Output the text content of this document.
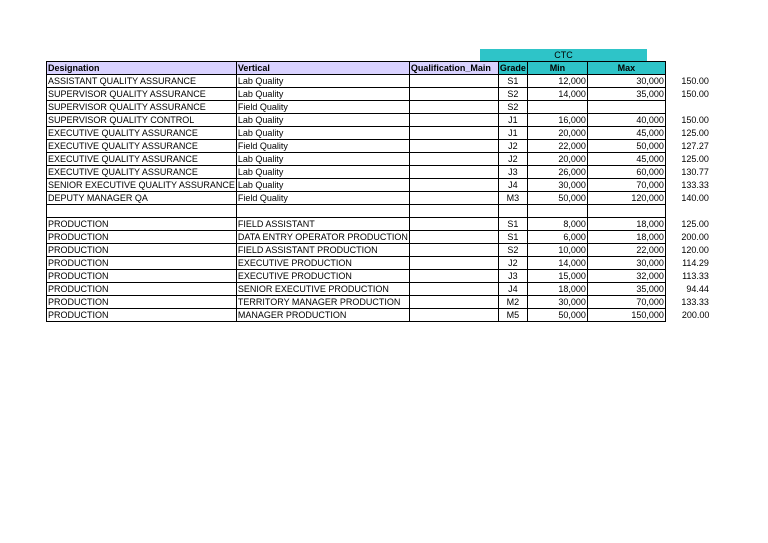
CTC
Designation	Vertical	Qualification_Main	Grade	Min	Max	
ASSISTANT QUALITY ASSURANCE	Lab Quality		S1	12,000	30,000	150.00
SUPERVISOR QUALITY ASSURANCE	Lab Quality		S2	14,000	35,000	150.00
SUPERVISOR QUALITY ASSURANCE	Field Quality		S2			
SUPERVISOR QUALITY CONTROL	Lab Quality		J1	16,000	40,000	150.00
EXECUTIVE QUALITY ASSURANCE	Lab Quality		J1	20,000	45,000	125.00
EXECUTIVE QUALITY ASSURANCE	Field Quality		J2	22,000	50,000	127.27
EXECUTIVE QUALITY ASSURANCE	Lab Quality		J2	20,000	45,000	125.00
EXECUTIVE QUALITY ASSURANCE	Lab Quality		J3	26,000	60,000	130.77
SENIOR EXECUTIVE QUALITY ASSURANCE	Lab Quality		J4	30,000	70,000	133.33
DEPUTY MANAGER QA	Field Quality		M3	50,000	120,000	140.00

PRODUCTION	FIELD ASSISTANT		S1	8,000	18,000	125.00
PRODUCTION	DATA ENTRY OPERATOR PRODUCTION		S1	6,000	18,000	200.00
PRODUCTION	FIELD ASSISTANT PRODUCTION		S2	10,000	22,000	120.00
PRODUCTION	EXECUTIVE PRODUCTION		J2	14,000	30,000	114.29
PRODUCTION	EXECUTIVE PRODUCTION		J3	15,000	32,000	113.33
PRODUCTION	SENIOR EXECUTIVE PRODUCTION		J4	18,000	35,000	94.44
PRODUCTION	TERRITORY MANAGER PRODUCTION		M2	30,000	70,000	133.33
PRODUCTION	MANAGER PRODUCTION		M5	50,000	150,000	200.00
